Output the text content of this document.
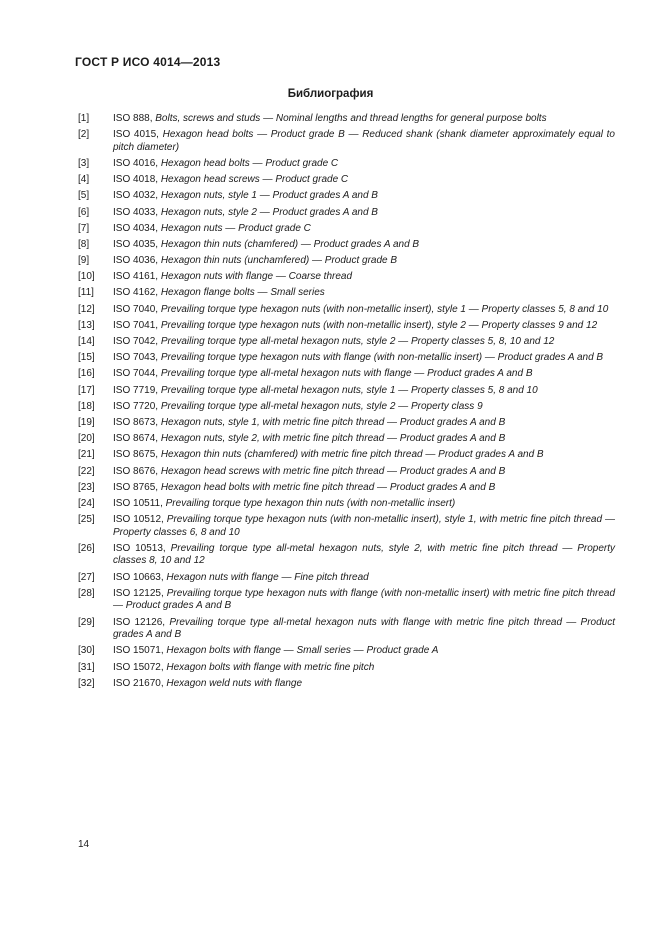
ГОСТ Р ИСО 4014—2013
Библиография
[1]	ISO 888, Bolts, screws and studs — Nominal lengths and thread lengths for general purpose bolts
[2]	ISO 4015, Hexagon head bolts — Product grade B — Reduced shank (shank diameter approximately equal to pitch diameter)
[3]	ISO 4016, Hexagon head bolts — Product grade C
[4]	ISO 4018, Hexagon head screws — Product grade C
[5]	ISO 4032, Hexagon nuts, style 1 — Product grades A and B
[6]	ISO 4033, Hexagon nuts, style 2 — Product grades A and B
[7]	ISO 4034, Hexagon nuts — Product grade C
[8]	ISO 4035, Hexagon thin nuts (chamfered) — Product grades A and B
[9]	ISO 4036, Hexagon thin nuts (unchamfered) — Product grade B
[10]	ISO 4161, Hexagon nuts with flange — Coarse thread
[11]	ISO 4162, Hexagon flange bolts — Small series
[12]	ISO 7040, Prevailing torque type hexagon nuts (with non-metallic insert), style 1 — Property classes 5, 8 and 10
[13]	ISO 7041, Prevailing torque type hexagon nuts (with non-metallic insert), style 2 — Property classes 9 and 12
[14]	ISO 7042, Prevailing torque type all-metal hexagon nuts, style 2 — Property classes 5, 8, 10 and 12
[15]	ISO 7043, Prevailing torque type hexagon nuts with flange (with non-metallic insert) — Product grades A and B
[16]	ISO 7044, Prevailing torque type all-metal hexagon nuts with flange — Product grades A and B
[17]	ISO 7719, Prevailing torque type all-metal hexagon nuts, style 1 — Property classes 5, 8 and 10
[18]	ISO 7720, Prevailing torque type all-metal hexagon nuts, style 2 — Property class 9
[19]	ISO 8673, Hexagon nuts, style 1, with metric fine pitch thread — Product grades A and B
[20]	ISO 8674, Hexagon nuts, style 2, with metric fine pitch thread — Product grades A and B
[21]	ISO 8675, Hexagon thin nuts (chamfered) with metric fine pitch thread — Product grades A and B
[22]	ISO 8676, Hexagon head screws with metric fine pitch thread — Product grades A and B
[23]	ISO 8765, Hexagon head bolts with metric fine pitch thread — Product grades A and B
[24]	ISO 10511, Prevailing torque type hexagon thin nuts (with non-metallic insert)
[25]	ISO 10512, Prevailing torque type hexagon nuts (with non-metallic insert), style 1, with metric fine pitch thread — Property classes 6, 8 and 10
[26]	ISO 10513, Prevailing torque type all-metal hexagon nuts, style 2, with metric fine pitch thread — Property classes 8, 10 and 12
[27]	ISO 10663, Hexagon nuts with flange — Fine pitch thread
[28]	ISO 12125, Prevailing torque type hexagon nuts with flange (with non-metallic insert) with metric fine pitch thread — Product grades A and B
[29]	ISO 12126, Prevailing torque type all-metal hexagon nuts with flange with metric fine pitch thread — Product grades A and B
[30]	ISO 15071, Hexagon bolts with flange — Small series — Product grade A
[31]	ISO 15072, Hexagon bolts with flange with metric fine pitch
[32]	ISO 21670, Hexagon weld nuts with flange
14
